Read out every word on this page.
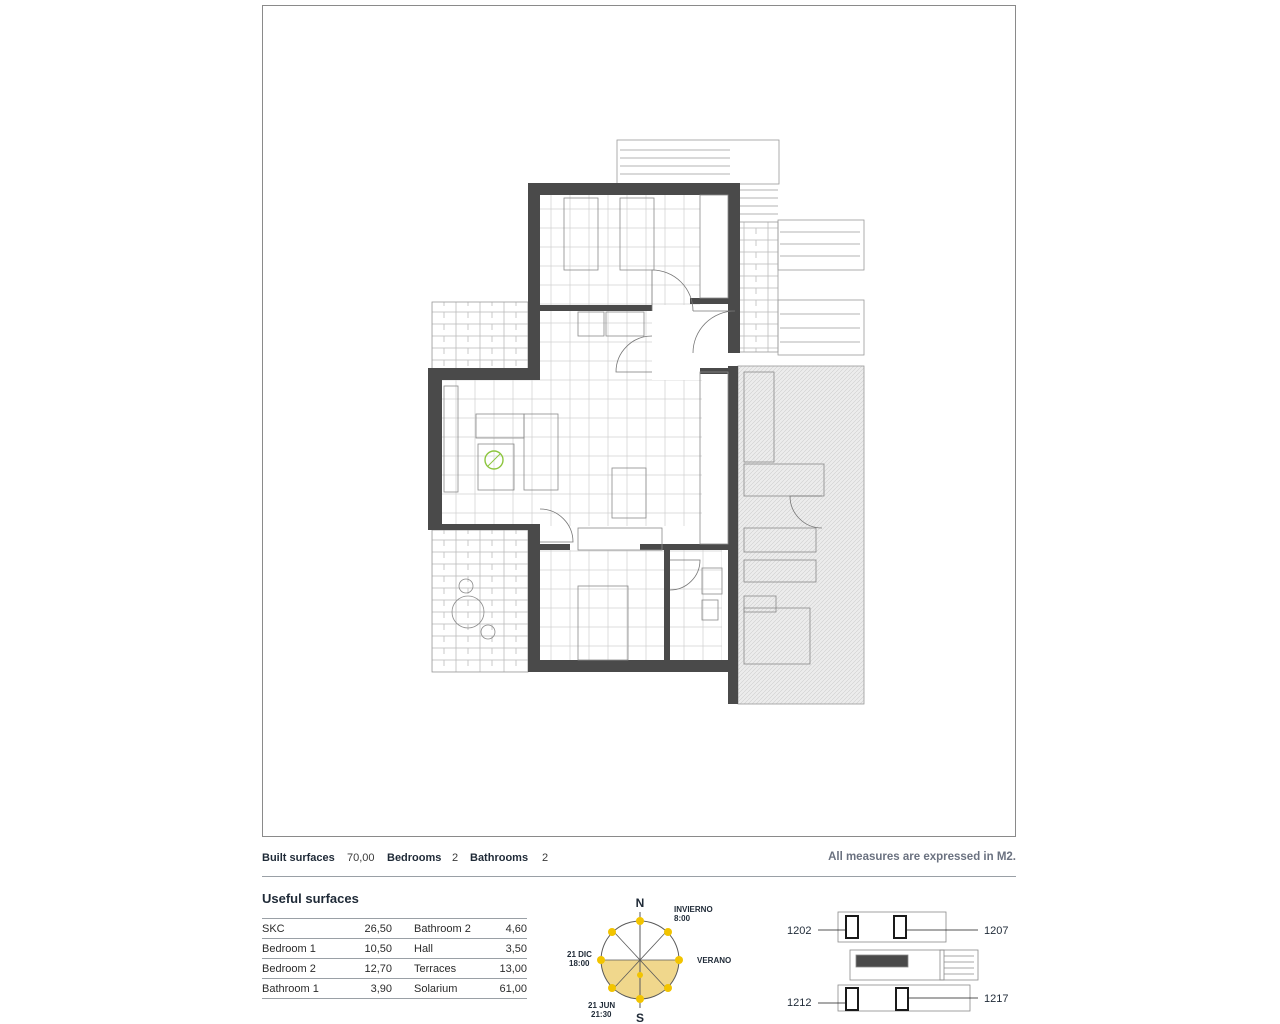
Built surfaces 70,00 Bedrooms 2 Bathrooms 2	All measures are expressed in M2.
Useful surfaces
SKC	26,50		Bathroom 2	4,60
Bedroom 1	10,50		Hall	3,50
Bedroom 2	12,70		Terraces	13,00
Bathroom 1	3,90		Solarium	61,00
N
S
INVIERNO
8:00
VERANO
21 DIC
18:00
21 JUN
21:30
1202	1207
1212	1217
